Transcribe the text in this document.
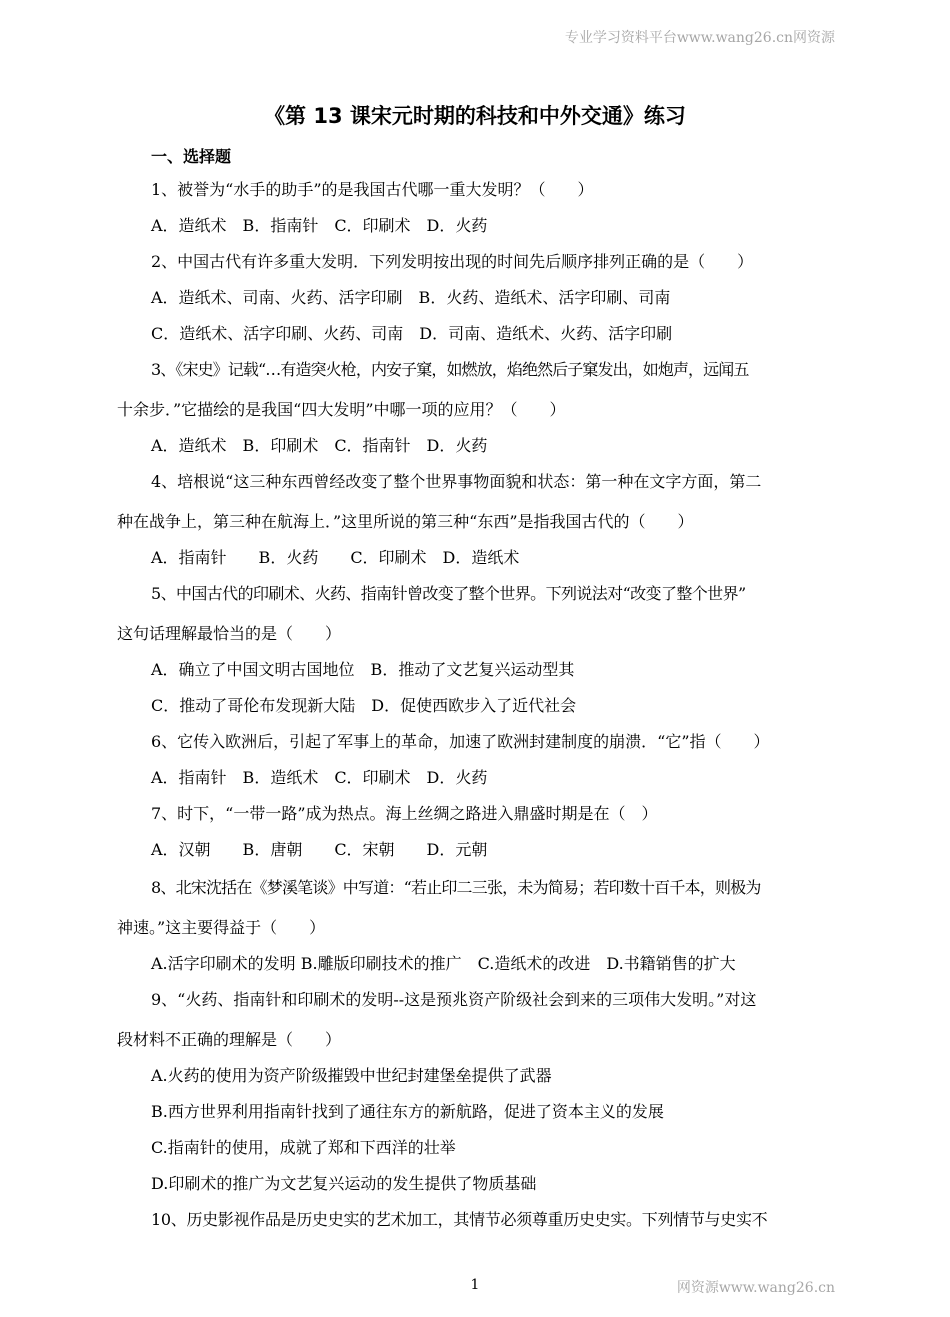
专业学习资料平台www.wang26.cn网资源
《第 13 课宋元时期的科技和中外交通》练习
一、选择题
1、被誉为“水手的助手”的是我国古代哪一重大发明？（　　）
A．造纸术　B．指南针　C．印刷术　D．火药
2、中国古代有许多重大发明．下列发明按出现的时间先后顺序排列正确的是（　　）
A．造纸术、司南、火药、活字印刷　B．火药、造纸术、活字印刷、司南
C．造纸术、活字印刷、火药、司南　D．司南、造纸术、火药、活字印刷
3、《宋史》记载“…有造突火枪，内安子窠，如燃放，焰绝然后子窠发出，如炮声，远闻五
十余步．”它描绘的是我国“四大发明”中哪一项的应用？（　　）
A．造纸术　B．印刷术　C．指南针　D．火药
4、培根说“这三种东西曾经改变了整个世界事物面貌和状态：第一种在文字方面，第二
种在战争上，第三种在航海上．”这里所说的第三种“东西”是指我国古代的（　　）
A．指南针　　B．火药　　C．印刷术　D．造纸术
5、中国古代的印刷术、火药、指南针曾改变了整个世界。下列说法对“改变了整个世界”
这句话理解最恰当的是（　　）
A．确立了中国文明古国地位　B．推动了文艺复兴运动型其
C．推动了哥伦布发现新大陆　D．促使西欧步入了近代社会
6、它传入欧洲后，引起了军事上的革命，加速了欧洲封建制度的崩溃．“它”指（　　）
A．指南针　B．造纸术　C．印刷术　D．火药
7、时下，“一带一路”成为热点。海上丝绸之路进入鼎盛时期是在（　）
A．汉朝　　B．唐朝　　C．宋朝　　D．元朝
8、北宋沈括在《梦溪笔谈》中写道：“若止印二三张，未为简易；若印数十百千本，则极为
神速。”这主要得益于（　　）
A.活字印刷术的发明 B.雕版印刷技术的推广　C.造纸术的改进　D.书籍销售的扩大
9、“火药、指南针和印刷术的发明--这是预兆资产阶级社会到来的三项伟大发明。”对这
段材料不正确的理解是（　　）
A.火药的使用为资产阶级摧毁中世纪封建堡垒提供了武器
B.西方世界利用指南针找到了通往东方的新航路，促进了资本主义的发展
C.指南针的使用，成就了郑和下西洋的壮举
D.印刷术的推广为文艺复兴运动的发生提供了物质基础
10、历史影视作品是历史史实的艺术加工，其情节必须尊重历史史实。下列情节与史实不
1	网资源www.wang26.cn
